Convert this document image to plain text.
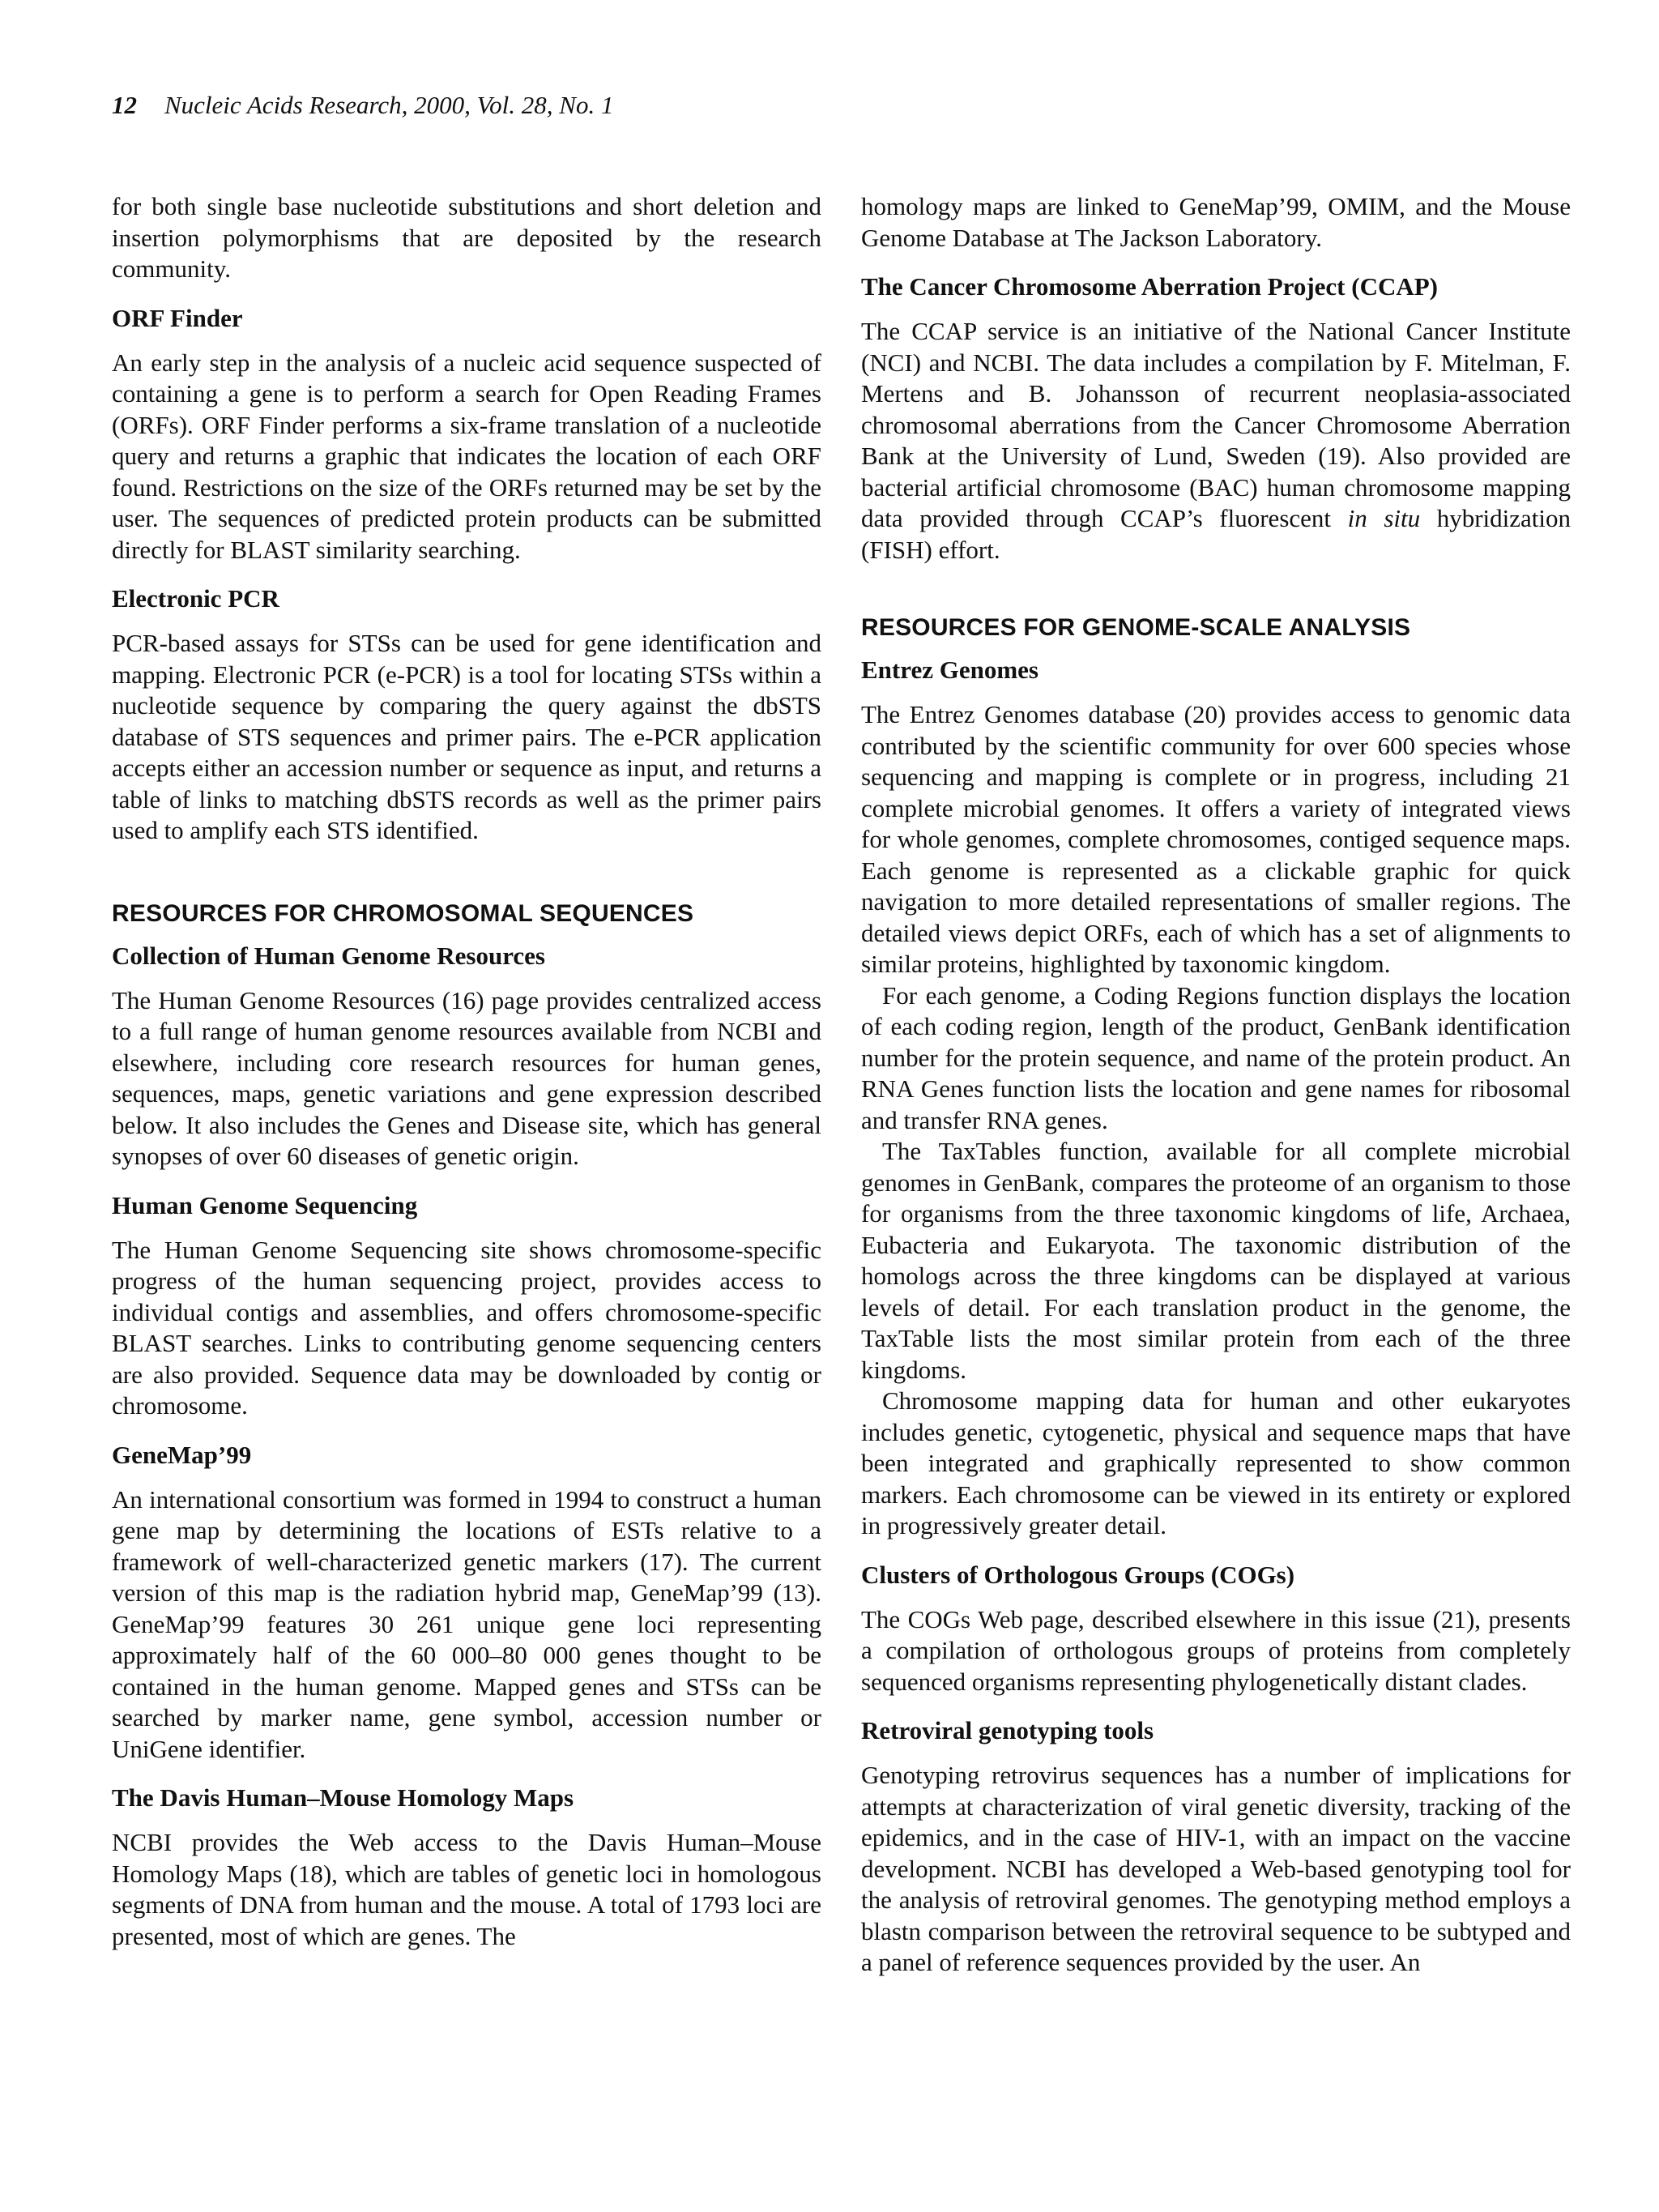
12 Nucleic Acids Research, 2000, Vol. 28, No. 1

for both single base nucleotide substitutions and short deletion and insertion polymorphisms that are deposited by the research community.

ORF Finder

An early step in the analysis of a nucleic acid sequence suspected of containing a gene is to perform a search for Open Reading Frames (ORFs). ORF Finder performs a six-frame translation of a nucleotide query and returns a graphic that indicates the location of each ORF found. Restrictions on the size of the ORFs returned may be set by the user. The sequences of predicted protein products can be submitted directly for BLAST similarity searching.

Electronic PCR

PCR-based assays for STSs can be used for gene identification and mapping. Electronic PCR (e-PCR) is a tool for locating STSs within a nucleotide sequence by comparing the query against the dbSTS database of STS sequences and primer pairs. The e-PCR application accepts either an accession number or sequence as input, and returns a table of links to matching dbSTS records as well as the primer pairs used to amplify each STS identified.

RESOURCES FOR CHROMOSOMAL SEQUENCES
Collection of Human Genome Resources

The Human Genome Resources (16) page provides centralized access to a full range of human genome resources available from NCBI and elsewhere, including core research resources for human genes, sequences, maps, genetic variations and gene expression described below. It also includes the Genes and Disease site, which has general synopses of over 60 diseases of genetic origin.

Human Genome Sequencing

The Human Genome Sequencing site shows chromosome-specific progress of the human sequencing project, provides access to individual contigs and assemblies, and offers chromosome-specific BLAST searches. Links to contributing genome sequencing centers are also provided. Sequence data may be downloaded by contig or chromosome.

GeneMap’99

An international consortium was formed in 1994 to construct a human gene map by determining the locations of ESTs relative to a framework of well-characterized genetic markers (17). The current version of this map is the radiation hybrid map, GeneMap’99 (13). GeneMap’99 features 30 261 unique gene loci representing approximately half of the 60 000–80 000 genes thought to be contained in the human genome. Mapped genes and STSs can be searched by marker name, gene symbol, accession number or UniGene identifier.

The Davis Human–Mouse Homology Maps

NCBI provides the Web access to the Davis Human–Mouse Homology Maps (18), which are tables of genetic loci in homologous segments of DNA from human and the mouse. A total of 1793 loci are presented, most of which are genes. The

homology maps are linked to GeneMap’99, OMIM, and the Mouse Genome Database at The Jackson Laboratory.

The Cancer Chromosome Aberration Project (CCAP)

The CCAP service is an initiative of the National Cancer Institute (NCI) and NCBI. The data includes a compilation by F. Mitelman, F. Mertens and B. Johansson of recurrent neoplasia-associated chromosomal aberrations from the Cancer Chromosome Aberration Bank at the University of Lund, Sweden (19). Also provided are bacterial artificial chromosome (BAC) human chromosome mapping data provided through CCAP’s fluorescent in situ hybridization (FISH) effort.

RESOURCES FOR GENOME-SCALE ANALYSIS
Entrez Genomes

The Entrez Genomes database (20) provides access to genomic data contributed by the scientific community for over 600 species whose sequencing and mapping is complete or in progress, including 21 complete microbial genomes. It offers a variety of integrated views for whole genomes, complete chromosomes, contiged sequence maps. Each genome is represented as a clickable graphic for quick navigation to more detailed representations of smaller regions. The detailed views depict ORFs, each of which has a set of alignments to similar proteins, highlighted by taxonomic kingdom.

For each genome, a Coding Regions function displays the location of each coding region, length of the product, GenBank identification number for the protein sequence, and name of the protein product. An RNA Genes function lists the location and gene names for ribosomal and transfer RNA genes.

The TaxTables function, available for all complete microbial genomes in GenBank, compares the proteome of an organism to those for organisms from the three taxonomic kingdoms of life, Archaea, Eubacteria and Eukaryota. The taxonomic distribution of the homologs across the three kingdoms can be displayed at various levels of detail. For each translation product in the genome, the TaxTable lists the most similar protein from each of the three kingdoms.

Chromosome mapping data for human and other eukaryotes includes genetic, cytogenetic, physical and sequence maps that have been integrated and graphically represented to show common markers. Each chromosome can be viewed in its entirety or explored in progressively greater detail.

Clusters of Orthologous Groups (COGs)

The COGs Web page, described elsewhere in this issue (21), presents a compilation of orthologous groups of proteins from completely sequenced organisms representing phylogenetically distant clades.

Retroviral genotyping tools

Genotyping retrovirus sequences has a number of implications for attempts at characterization of viral genetic diversity, tracking of the epidemics, and in the case of HIV-1, with an impact on the vaccine development. NCBI has developed a Web-based genotyping tool for the analysis of retroviral genomes. The genotyping method employs a blastn comparison between the retroviral sequence to be subtyped and a panel of reference sequences provided by the user. An
